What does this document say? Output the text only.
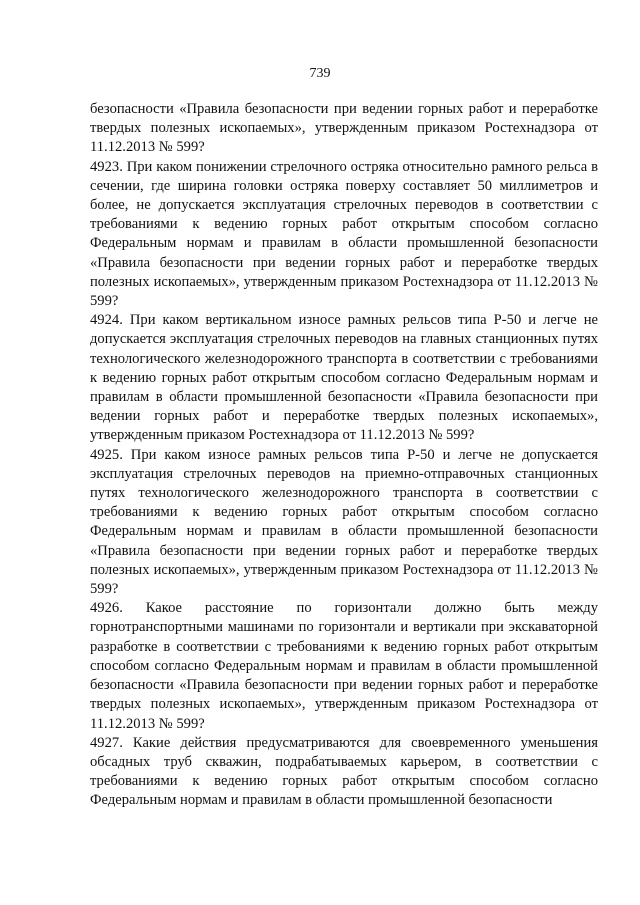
739

безопасности «Правила безопасности при ведении горных работ и переработке твердых полезных ископаемых», утвержденным приказом Ростехнадзора от 11.12.2013 № 599?

4923. При каком понижении стрелочного остряка относительно рамного рельса в сечении, где ширина головки остряка поверху составляет 50 миллиметров и более, не допускается эксплуатация стрелочных переводов в соответствии с требованиями к ведению горных работ открытым способом согласно Федеральным нормам и правилам в области промышленной безопасности «Правила безопасности при ведении горных работ и переработке твердых полезных ископаемых», утвержденным приказом Ростехнадзора от 11.12.2013 № 599?

4924. При каком вертикальном износе рамных рельсов типа Р-50 и легче не допускается эксплуатация стрелочных переводов на главных станционных путях технологического железнодорожного транспорта в соответствии с требованиями к ведению горных работ открытым способом согласно Федеральным нормам и правилам в области промышленной безопасности «Правила безопасности при ведении горных работ и переработке твердых полезных ископаемых», утвержденным приказом Ростехнадзора от 11.12.2013 № 599?

4925. При каком износе рамных рельсов типа Р-50 и легче не допускается эксплуатация стрелочных переводов на приемно-отправочных станционных путях технологического железнодорожного транспорта в соответствии с требованиями к ведению горных работ открытым способом согласно Федеральным нормам и правилам в области промышленной безопасности «Правила безопасности при ведении горных работ и переработке твердых полезных ископаемых», утвержденным приказом Ростехнадзора от 11.12.2013 № 599?

4926. Какое расстояние по горизонтали должно быть между горнотранспортными машинами по горизонтали и вертикали при экскаваторной разработке в соответствии с требованиями к ведению горных работ открытым способом согласно Федеральным нормам и правилам в области промышленной безопасности «Правила безопасности при ведении горных работ и переработке твердых полезных ископаемых», утвержденным приказом Ростехнадзора от 11.12.2013 № 599?

4927. Какие действия предусматриваются для своевременного уменьшения обсадных труб скважин, подрабатываемых карьером, в соответствии с требованиями к ведению горных работ открытым способом согласно Федеральным нормам и правилам в области промышленной безопасности
